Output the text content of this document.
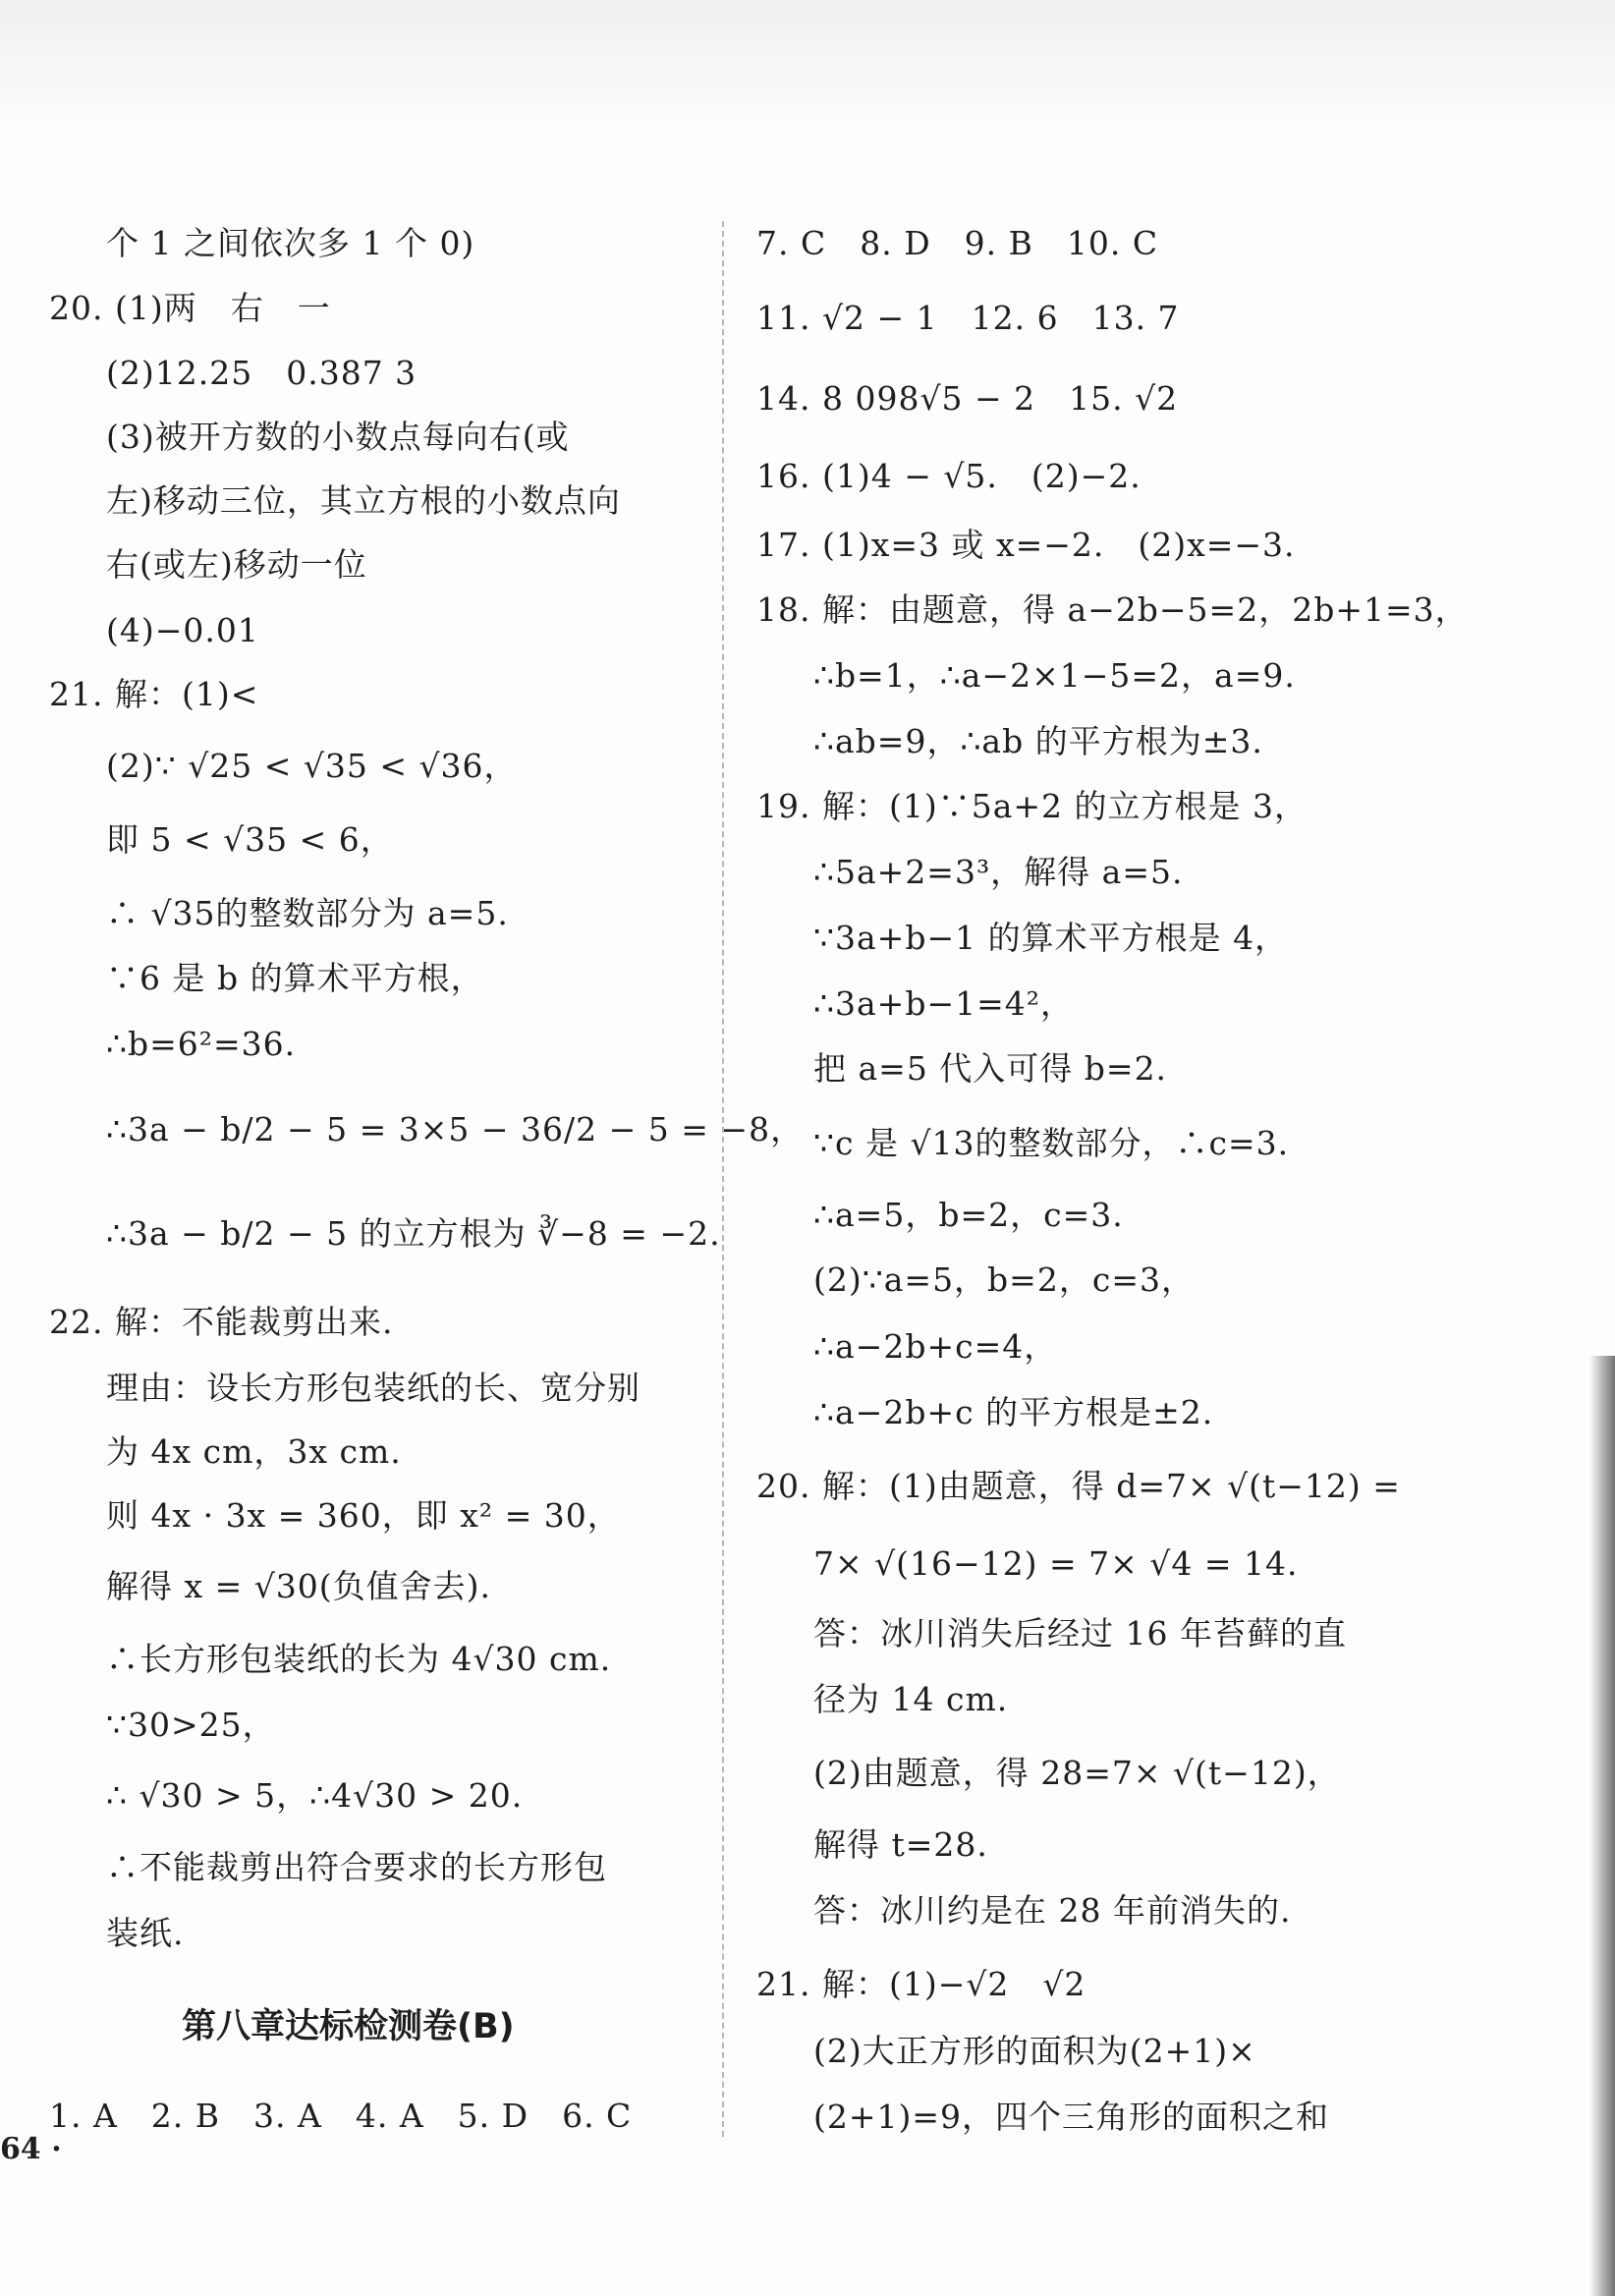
个 1 之间依次多 1 个 0)
20. (1)两　右　一
(2)12.25　0.387 3
(3)被开方数的小数点每向右(或
左)移动三位，其立方根的小数点向
右(或左)移动一位
(4)−0.01
21. 解：(1)<
(2)∵ √25 < √35 < √36，
即 5 < √35 < 6，
∴ √35的整数部分为 a=5.
∵6 是 b 的算术平方根，
∴b=6²=36.
∴3a − b/2 − 5 = 3×5 − 36/2 − 5 = −8，
∴3a − b/2 − 5 的立方根为 ∛−8 = −2.
22. 解：不能裁剪出来.
理由：设长方形包装纸的长、宽分别
为 4x cm，3x cm.
则 4x · 3x = 360，即 x² = 30，
解得 x = √30(负值舍去).
∴长方形包装纸的长为 4√30 cm.
∵30>25，
∴ √30 > 5，∴4√30 > 20.
∴不能裁剪出符合要求的长方形包
装纸.
第八章达标检测卷(B)
1. A　2. B　3. A　4. A　5. D　6. C
7. C　8. D　9. B　10. C
11. √2 − 1　12. 6　13. 7
14. 8 098√5 − 2　15. √2
16. (1)4 − √5.　(2)−2.
17. (1)x=3 或 x=−2.　(2)x=−3.
18. 解：由题意，得 a−2b−5=2，2b+1=3，
∴b=1，∴a−2×1−5=2，a=9.
∴ab=9，∴ab 的平方根为±3.
19. 解：(1)∵5a+2 的立方根是 3，
∴5a+2=3³，解得 a=5.
∵3a+b−1 的算术平方根是 4，
∴3a+b−1=4²，
把 a=5 代入可得 b=2.
∵c 是 √13的整数部分，∴c=3.
∴a=5，b=2，c=3.
(2)∵a=5，b=2，c=3，
∴a−2b+c=4，
∴a−2b+c 的平方根是±2.
20. 解：(1)由题意，得 d=7× √(t−12) =
7× √(16−12) = 7× √4 = 14.
答：冰川消失后经过 16 年苔藓的直
径为 14 cm.
(2)由题意，得 28=7× √(t−12)，
解得 t=28.
答：冰川约是在 28 年前消失的.
21. 解：(1)−√2　√2
(2)大正方形的面积为(2+1)×
(2+1)=9，四个三角形的面积之和
64 ·
